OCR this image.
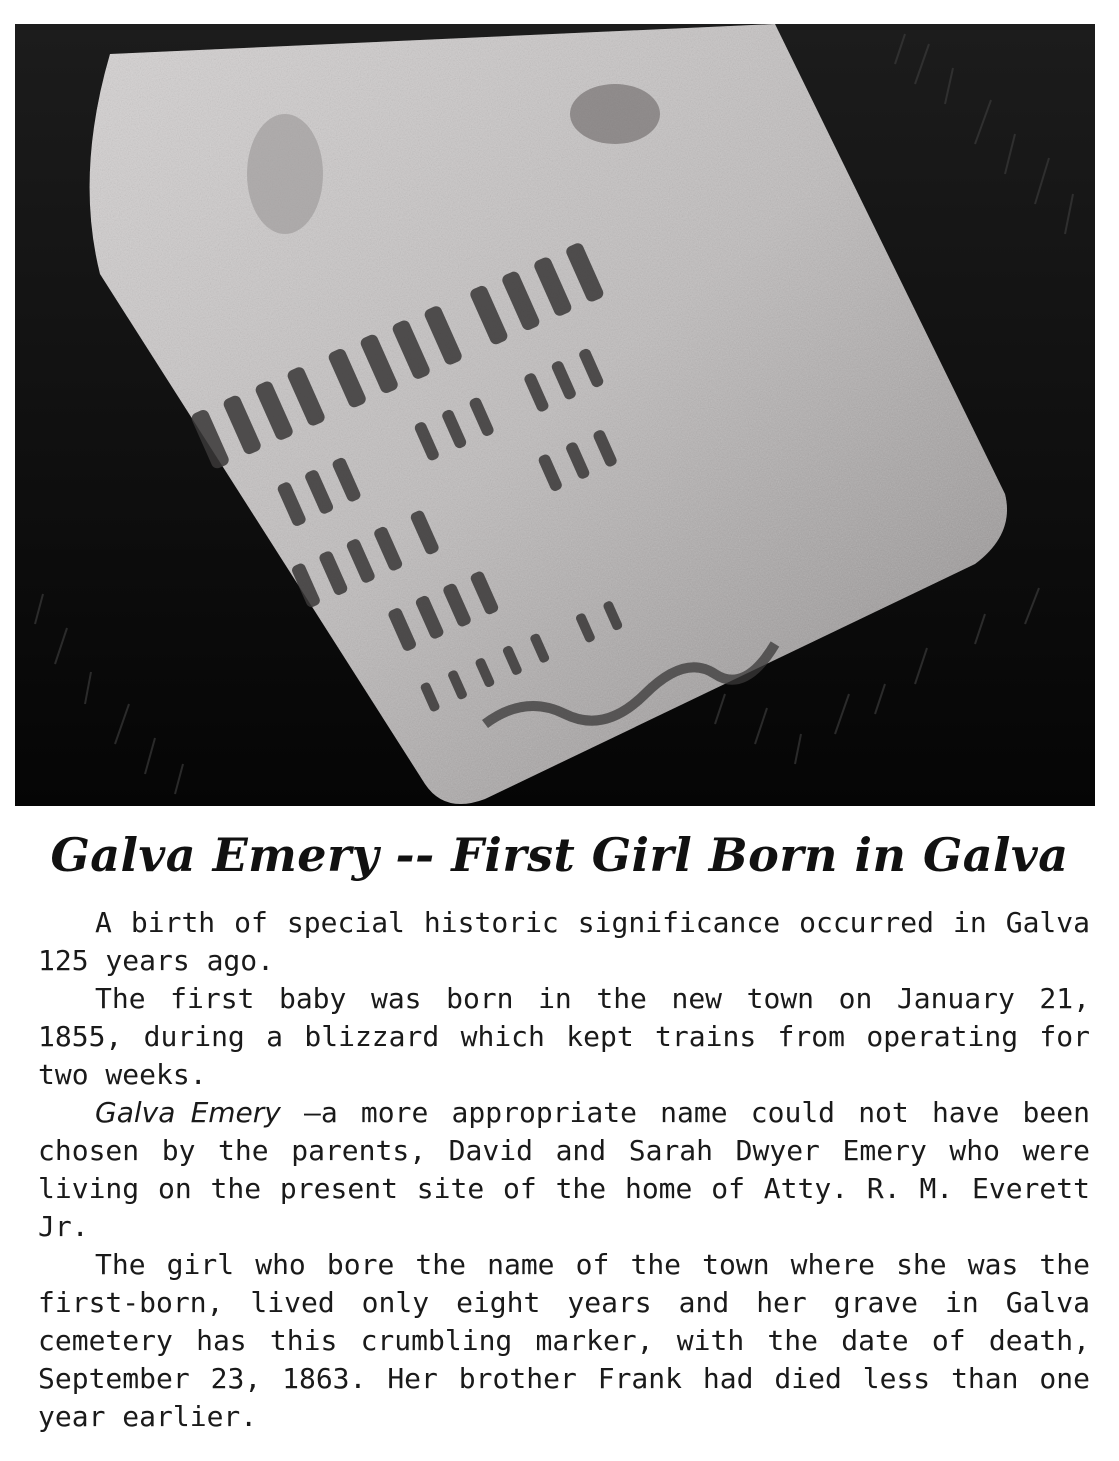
Galva Emery -- First Girl Born in Galva

A birth of special historic significance occurred in Galva 125 years ago.

The first baby was born in the new town on January 21, 1855, during a blizzard which kept trains from operating for two weeks.

Galva Emery —a more appropriate name could not have been chosen by the parents, David and Sarah Dwyer Emery who were living on the present site of the home of Atty. R. M. Everett Jr.

The girl who bore the name of the town where she was the first-born, lived only eight years and her grave in Galva cemetery has this crumbling marker, with the date of death, September 23, 1863. Her brother Frank had died less than one year earlier.
